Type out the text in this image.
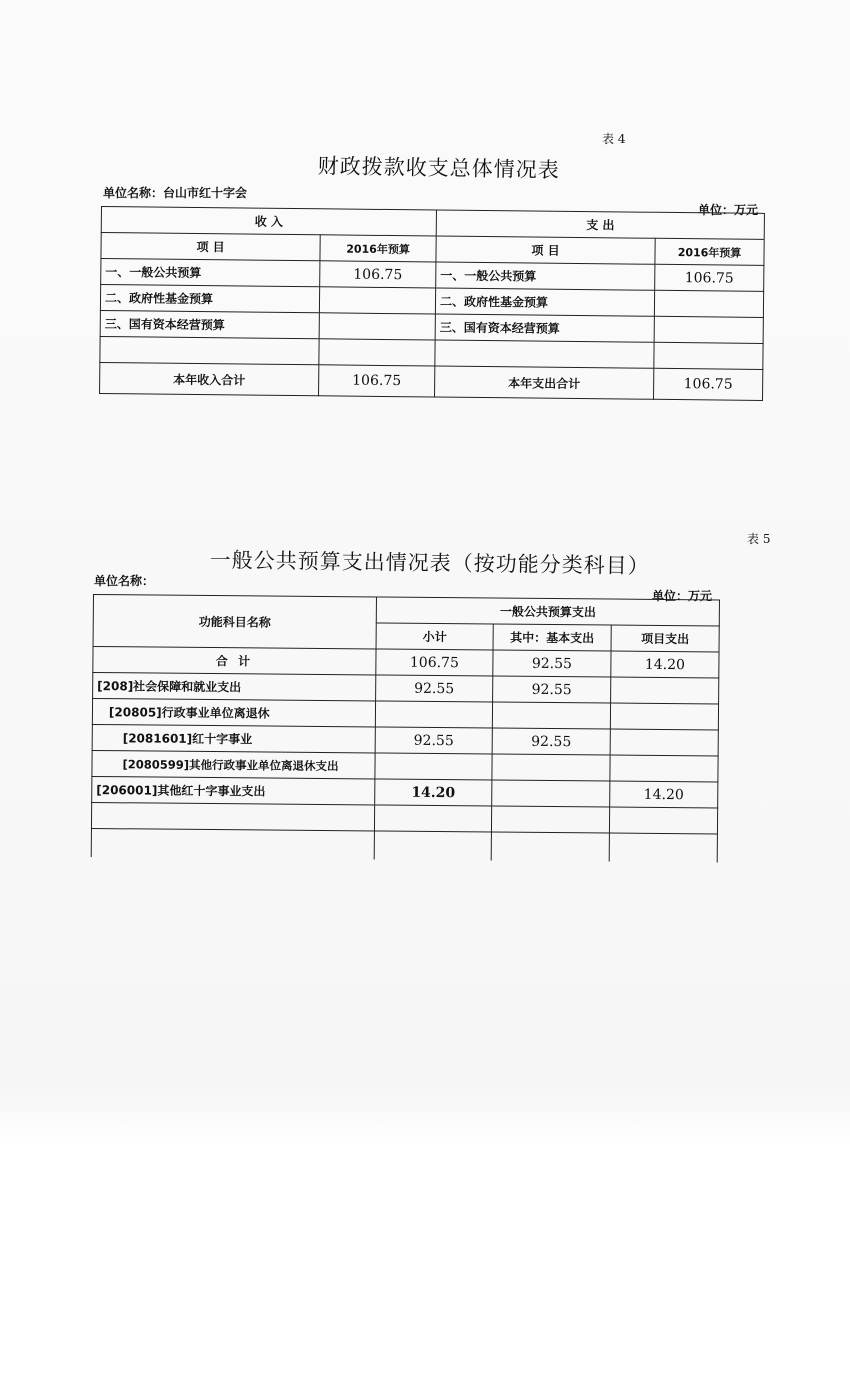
表 4
财政拨款收支总体情况表
单位名称：台山市红十字会
单位：万元
收 入		支 出	
项 目	2016年预算	项 目	2016年预算
一、一般公共预算	106.75	一、一般公共预算	106.75
二、政府性基金预算		二、政府性基金预算	
三、国有资本经营预算		三、国有资本经营预算	

本年收入合计	106.75	本年支出合计	106.75
表 5
一般公共预算支出情况表（按功能分类科目）
单位名称：
单位：万元
功能科目名称	一般公共预算支出		
	小计	其中：基本支出	项目支出
合 计	106.75	92.55	14.20
[208]社会保障和就业支出	92.55	92.55	
[20805]行政事业单位离退休			
[2081601]红十字事业	92.55	92.55	
[2080599]其他行政事业单位离退休支出			
[206001]其他红十字事业支出	14.20		14.20
